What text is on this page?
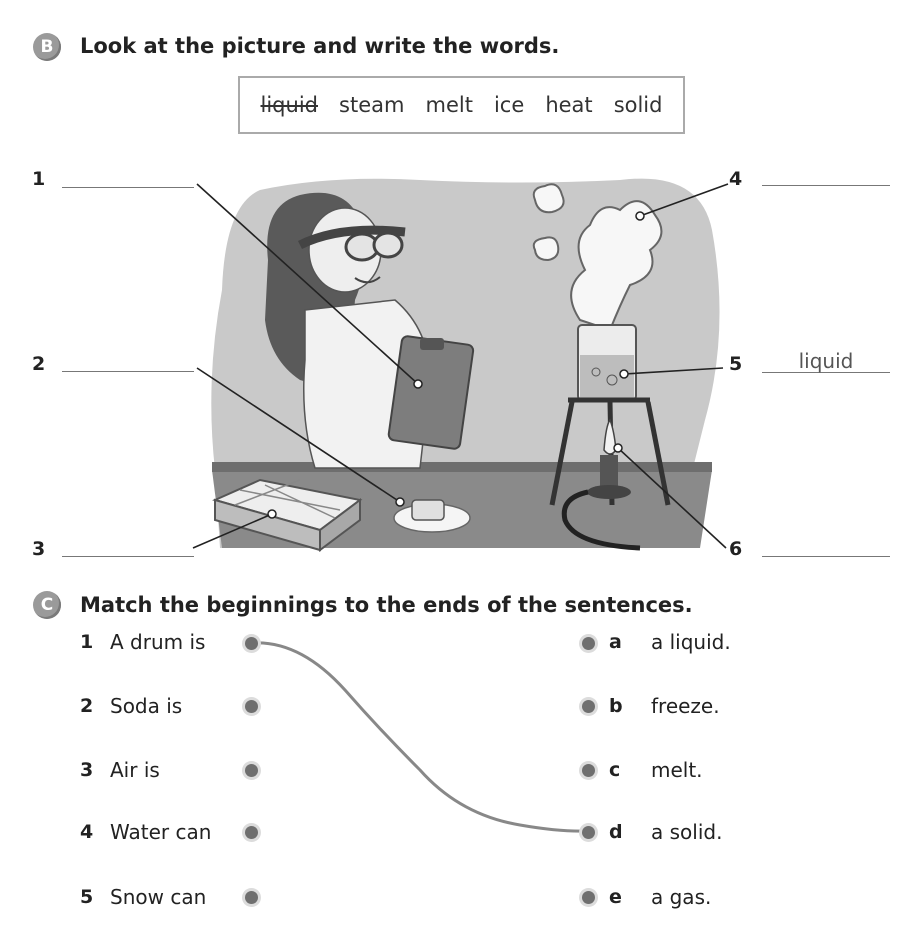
B	Look at the picture and write the words.
liquid steam melt ice heat solid
1
2
3
4
5	liquid
6
C	Match the beginnings to the ends of the sentences.
1 A drum is
2 Soda is
3 Air is
4 Water can
5 Snow can
a a liquid.
b freeze.
c melt.
d a solid.
e a gas.
